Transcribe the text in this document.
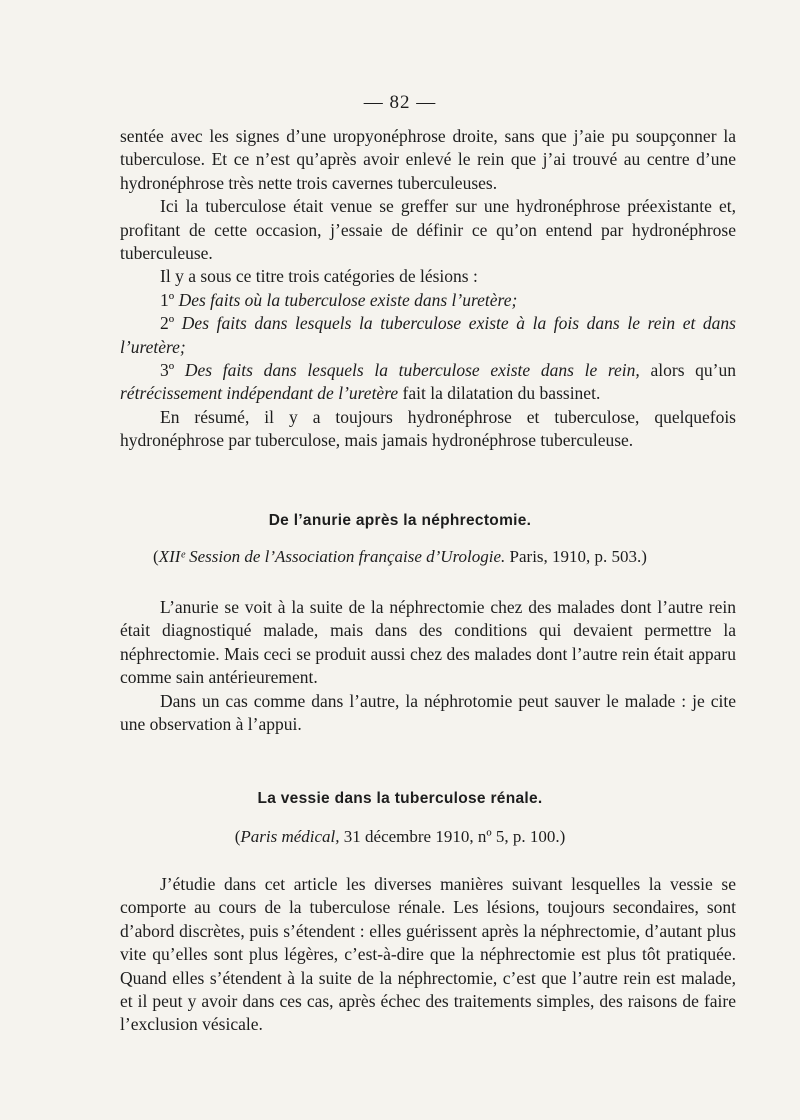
— 82 —

sentée avec les signes d’une uropyonéphrose droite, sans que j’aie pu soupçonner la tuberculose. Et ce n’est qu’après avoir enlevé le rein que j’ai trouvé au centre d’une hydronéphrose très nette trois cavernes tuberculeuses.

Ici la tuberculose était venue se greffer sur une hydronéphrose préexistante et, profitant de cette occasion, j’essaie de définir ce qu’on entend par hydronéphrose tuberculeuse.

Il y a sous ce titre trois catégories de lésions :

1º Des faits où la tuberculose existe dans l’uretère;

2º Des faits dans lesquels la tuberculose existe à la fois dans le rein et dans l’uretère;

3º Des faits dans lesquels la tuberculose existe dans le rein, alors qu’un rétrécissement indépendant de l’uretère fait la dilatation du bassinet.

En résumé, il y a toujours hydronéphrose et tuberculose, quelquefois hydronéphrose par tuberculose, mais jamais hydronéphrose tuberculeuse.

De l’anurie après la néphrectomie.
(XIIᵉ Session de l’Association française d’Urologie. Paris, 1910, p. 503.)

L’anurie se voit à la suite de la néphrectomie chez des malades dont l’autre rein était diagnostiqué malade, mais dans des conditions qui devaient permettre la néphrectomie. Mais ceci se produit aussi chez des malades dont l’autre rein était apparu comme sain antérieurement.

Dans un cas comme dans l’autre, la néphrotomie peut sauver le malade : je cite une observation à l’appui.

La vessie dans la tuberculose rénale.
(Paris médical, 31 décembre 1910, nº 5, p. 100.)

J’étudie dans cet article les diverses manières suivant lesquelles la vessie se comporte au cours de la tuberculose rénale. Les lésions, toujours secondaires, sont d’abord discrètes, puis s’étendent : elles guérissent après la néphrectomie, d’autant plus vite qu’elles sont plus légères, c’est-à-dire que la néphrectomie est plus tôt pratiquée. Quand elles s’étendent à la suite de la néphrectomie, c’est que l’autre rein est malade, et il peut y avoir dans ces cas, après échec des traitements simples, des raisons de faire l’exclusion vésicale.
